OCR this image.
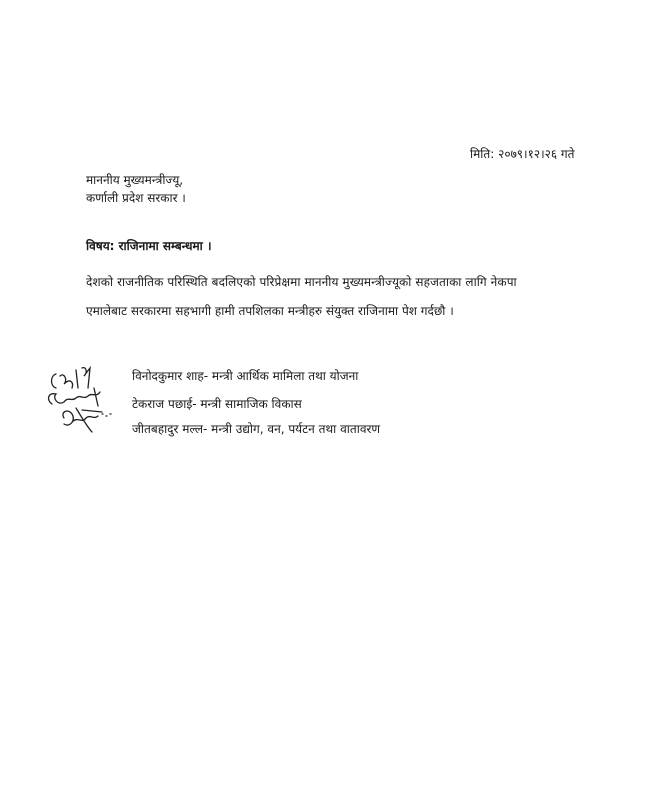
मिति: २०७९।१२।२६ गते
माननीय मुख्यमन्त्रीज्यू,
कर्णाली प्रदेश सरकार ।
विषय: राजिनामा सम्बन्धमा ।
देशको राजनीतिक परिस्थिति बदलिएको परिप्रेक्षमा माननीय मुख्यमन्त्रीज्यूको सहजताका लागि नेकपा
एमालेबाट सरकारमा सहभागी हामी तपशिलका मन्त्रीहरु संयुक्त राजिनामा पेश गर्दछौ ।
विनोदकुमार शाह- मन्त्री आर्थिक मामिला तथा योजना
टेकराज पछाई- मन्त्री सामाजिक विकास
जीतबहादुर मल्ल- मन्त्री उद्योग, वन, पर्यटन तथा वातावरण
